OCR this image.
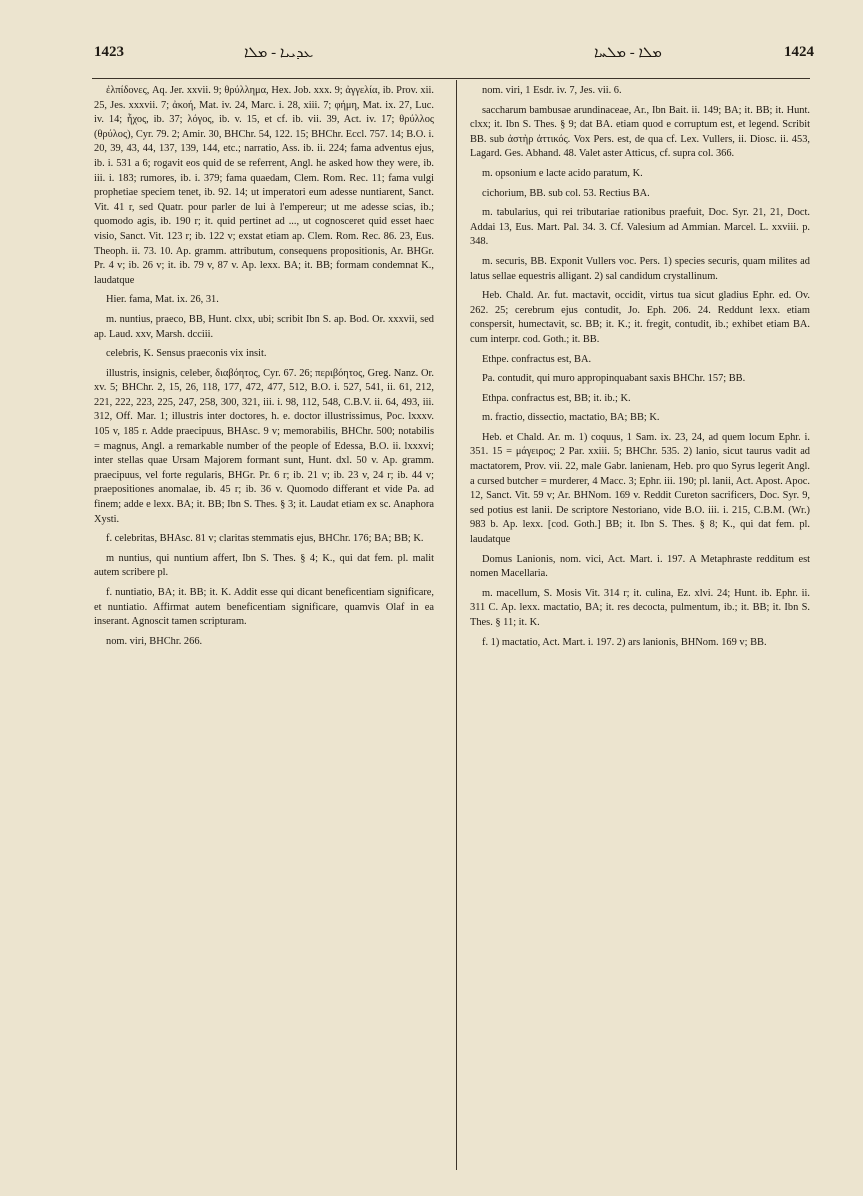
1423	ܥܕܝܝܐ - ܡܠܐ	ܡܠܐ - ܡܠܚܐ	1424

ἐλπίδονες, Aq. Jer. xxvii. 9; θρύλλημα, Hex. Job. xxx. 9; ἀγγελία, ib. Prov. xii. 25, Jes. xxxvii. 7; ἀκοή, Mat. iv. 24, Marc. i. 28, xiii. 7; φήμη, Mat. ix. 27, Luc. iv. 14; ἦχος, ib. 37; λόγος, ib. v. 15, et cf. ib. vii. 39, Act. iv. 17; θρύλλος (θρύλος), Cyr. 79. 2; Amir. 30, BHChr. 54, 122. 15; BHChr. Eccl. 757. 14; B.O. i. 20, 39, 43, 44, 137, 139, 144, etc.; narratio, Ass. ib. ii. 224; fama adventus ejus, ib. i. 531 a 6; rogavit eos quid de se referrent, Angl. he asked how they were, ib. iii. i. 183; rumores, ib. i. 379; fama quaedam, Clem. Rom. Rec. 11; fama vulgi prophetiae speciem tenet, ib. 92. 14; ut imperatori eum adesse nuntiarent, Sanct. Vit. 41 r, sed Quatr. pour parler de lui à l'empereur; ut me adesse scias, ib.; quomodo agis, ib. 190 r; it. quid pertinet ad ..., ut cognosceret quid esset haec visio, Sanct. Vit. 123 r; ib. 122 v; exstat etiam ap. Clem. Rom. Rec. 86. 23, Eus. Theoph. ii. 73. 10. Ap. gramm. attributum, consequens propositionis, Ar. BHGr. Pr. 4 v; ib. 26 v; it. ib. 79 v, 87 v. Ap. lexx. BA; it. BB; formam condemnat K., laudatque

Hier. fama, Mat. ix. 26, 31.

m. nuntius, praeco, BB, Hunt. clxx, ubi; scribit Ibn S. ap. Bod. Or. xxxvii, sed ap. Laud. xxv, Marsh. dcciii.

celebris, K. Sensus praeconis vix insit.

illustris, insignis, celeber, διαβόητος, Cyr. 67. 26; περιβόητος, Greg. Nanz. Or. xv. 5; BHChr. 2, 15, 26, 118, 177, 472, 477, 512, B.O. i. 527, 541, ii. 61, 212, 221, 222, 223, 225, 247, 258, 300, 321, iii. i. 98, 112, 548, C.B.V. ii. 64, 493, iii. 312, Off. Mar. 1; illustris inter doctores, h. e. doctor illustrissimus, Poc. lxxxv. 105 v, 185 r. Adde praecipuus, BHAsc. 9 v; memorabilis, BHChr. 500; notabilis = magnus, Angl. a remarkable number of the people of Edessa, B.O. ii. lxxxvi; inter stellas quae Ursam Majorem formant sunt, Hunt. dxl. 50 v. Ap. gramm. praecipuus, vel forte regularis, BHGr. Pr. 6 r; ib. 21 v; ib. 23 v, 24 r; ib. 44 v; praepositiones anomalae, ib. 45 r; ib. 36 v. Quomodo differant et vide Pa. ad finem; adde e lexx. BA; it. BB; Ibn S. Thes. § 3; it. Laudat etiam ex sc. Anaphora Xysti.

f. celebritas, BHAsc. 81 v; claritas stemmatis ejus, BHChr. 176; BA; BB; K.

m nuntius, qui nuntium affert, Ibn S. Thes. § 4; K., qui dat fem. pl. malit autem scribere pl.

f. nuntiatio, BA; it. BB; it. K. Addit esse qui dicant beneficentiam significare, et nuntiatio. Affirmat autem beneficentiam significare, quamvis Olaf in ea inserant. Agnoscit tamen scripturam.

nom. viri, BHChr. 266.

nom. viri, 1 Esdr. iv. 7, Jes. vii. 6.

saccharum bambusae arundinaceae, Ar., Ibn Bait. ii. 149; BA; it. BB; it. Hunt. clxx; it. Ibn S. Thes. § 9; dat BA. etiam quod e corruptum est, et legend. Scribit BB. sub ἀστὴρ ἀττικός. Vox Pers. est, de qua cf. Lex. Vullers, ii. Diosc. ii. 453, Lagard. Ges. Abhand. 48. Valet aster Atticus, cf. supra col. 366.

m. opsonium e lacte acido paratum, K.

cichorium, BB. sub col. 53. Rectius BA.

m. tabularius, qui rei tributariae rationibus praefuit, Doc. Syr. 21, 21, Doct. Addai 13, Eus. Mart. Pal. 34. 3. Cf. Valesium ad Ammian. Marcel. L. xxviii. p. 348.

m. securis, BB. Exponit Vullers voc. Pers. 1) species securis, quam milites ad latus sellae equestris alligant. 2) sal candidum crystallinum.

Heb. Chald. Ar. fut. mactavit, occidit, virtus tua sicut gladius Ephr. ed. Ov. 262. 25; cerebrum ejus contudit, Jo. Eph. 206. 24. Reddunt lexx. etiam conspersit, humectavit, sc. BB; it. K.; it. fregit, contudit, ib.; exhibet etiam BA. cum interpr. cod. Goth.; it. BB.

Ethpe. confractus est, BA.

Pa. contudit, qui muro appropinquabant saxis BHChr. 157; BB.

Ethpa. confractus est, BB; it. ib.; K.

m. fractio, dissectio, mactatio, BA; BB; K.

Heb. et Chald. Ar. m. 1) coquus, 1 Sam. ix. 23, 24, ad quem locum Ephr. i. 351. 15 = μάγειρος; 2 Par. xxiii. 5; BHChr. 535. 2) lanio, sicut taurus vadit ad mactatorem, Prov. vii. 22, male Gabr. lanienam, Heb. pro quo Syrus legerit Angl. a cursed butcher = murderer, 4 Macc. 3; Ephr. iii. 190; pl. lanii, Act. Apost. Apoc. 12, Sanct. Vit. 59 v; Ar. BHNom. 169 v. Reddit Cureton sacrificers, Doc. Syr. 9, sed potius est lanii. De scriptore Nestoriano, vide B.O. iii. i. 215, C.B.M. (Wr.) 983 b. Ap. lexx. [cod. Goth.] BB; it. Ibn S. Thes. § 8; K., qui dat fem. pl. laudatque

Domus Lanionis, nom. vici, Act. Mart. i. 197. A Metaphraste redditum est nomen Macellaria.

m. macellum, S. Mosis Vit. 314 r; it. culina, Ez. xlvi. 24; Hunt. ib. Ephr. ii. 311 C. Ap. lexx. mactatio, BA; it. res decocta, pulmentum, ib.; it. BB; it. Ibn S. Thes. § 11; it. K.

f. 1) mactatio, Act. Mart. i. 197. 2) ars lanionis, BHNom. 169 v; BB.
